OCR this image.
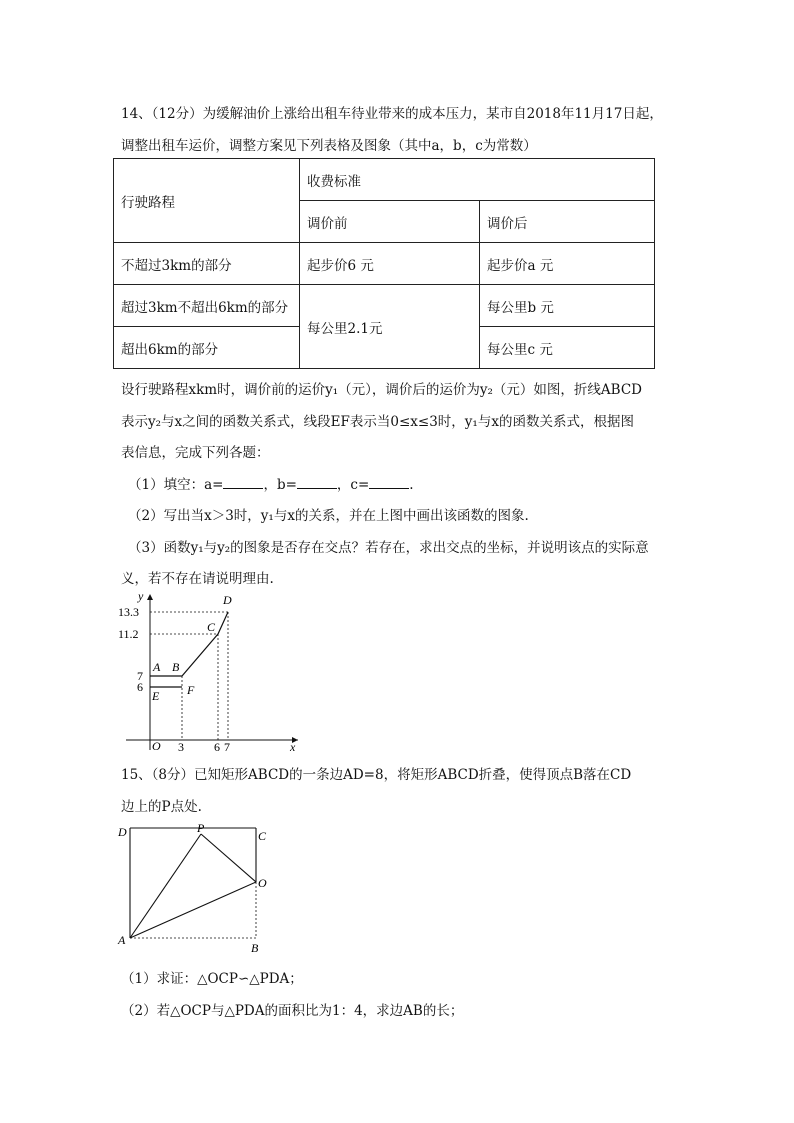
14、（12分）为缓解油价上涨给出租车待业带来的成本压力，某市自2018年11月17日起，
调整出租车运价，调整方案见下列表格及图象（其中a，b，c为常数）
行驶路程	收费标准	
	调价前	调价后
不超过3km的部分	起步价6 元	起步价a 元
超过3km不超出6km的部分	每公里2.1元	每公里b 元
超出6km的部分		每公里c 元
设行驶路程xkm时，调价前的运价y₁（元），调价后的运价为y₂（元）如图，折线ABCD
表示y₂与x之间的函数关系式，线段EF表示当0≤x≤3时，y₁与x的函数关系式，根据图
表信息，完成下列各题：
（1）填空：a=	，b=	，c=	.
（2）写出当x＞3时，y₁与x的关系，并在上图中画出该函数的图象.
（3）函数y₁与y₂的图象是否存在交点？若存在，求出交点的坐标，并说明该点的实际意
义，若不存在请说明理由.
y
x
O
13.3
11.2
7
6
3	6 7
A B
C
D
E F
15、（8分）已知矩形ABCD的一条边AD=8，将矩形ABCD折叠，使得顶点B落在CD
边上的P点处.
D	P
C
O
A
B
（1）求证：△OCP∽△PDA；
（2）若△OCP与△PDA的面积比为1：4，求边AB的长；
